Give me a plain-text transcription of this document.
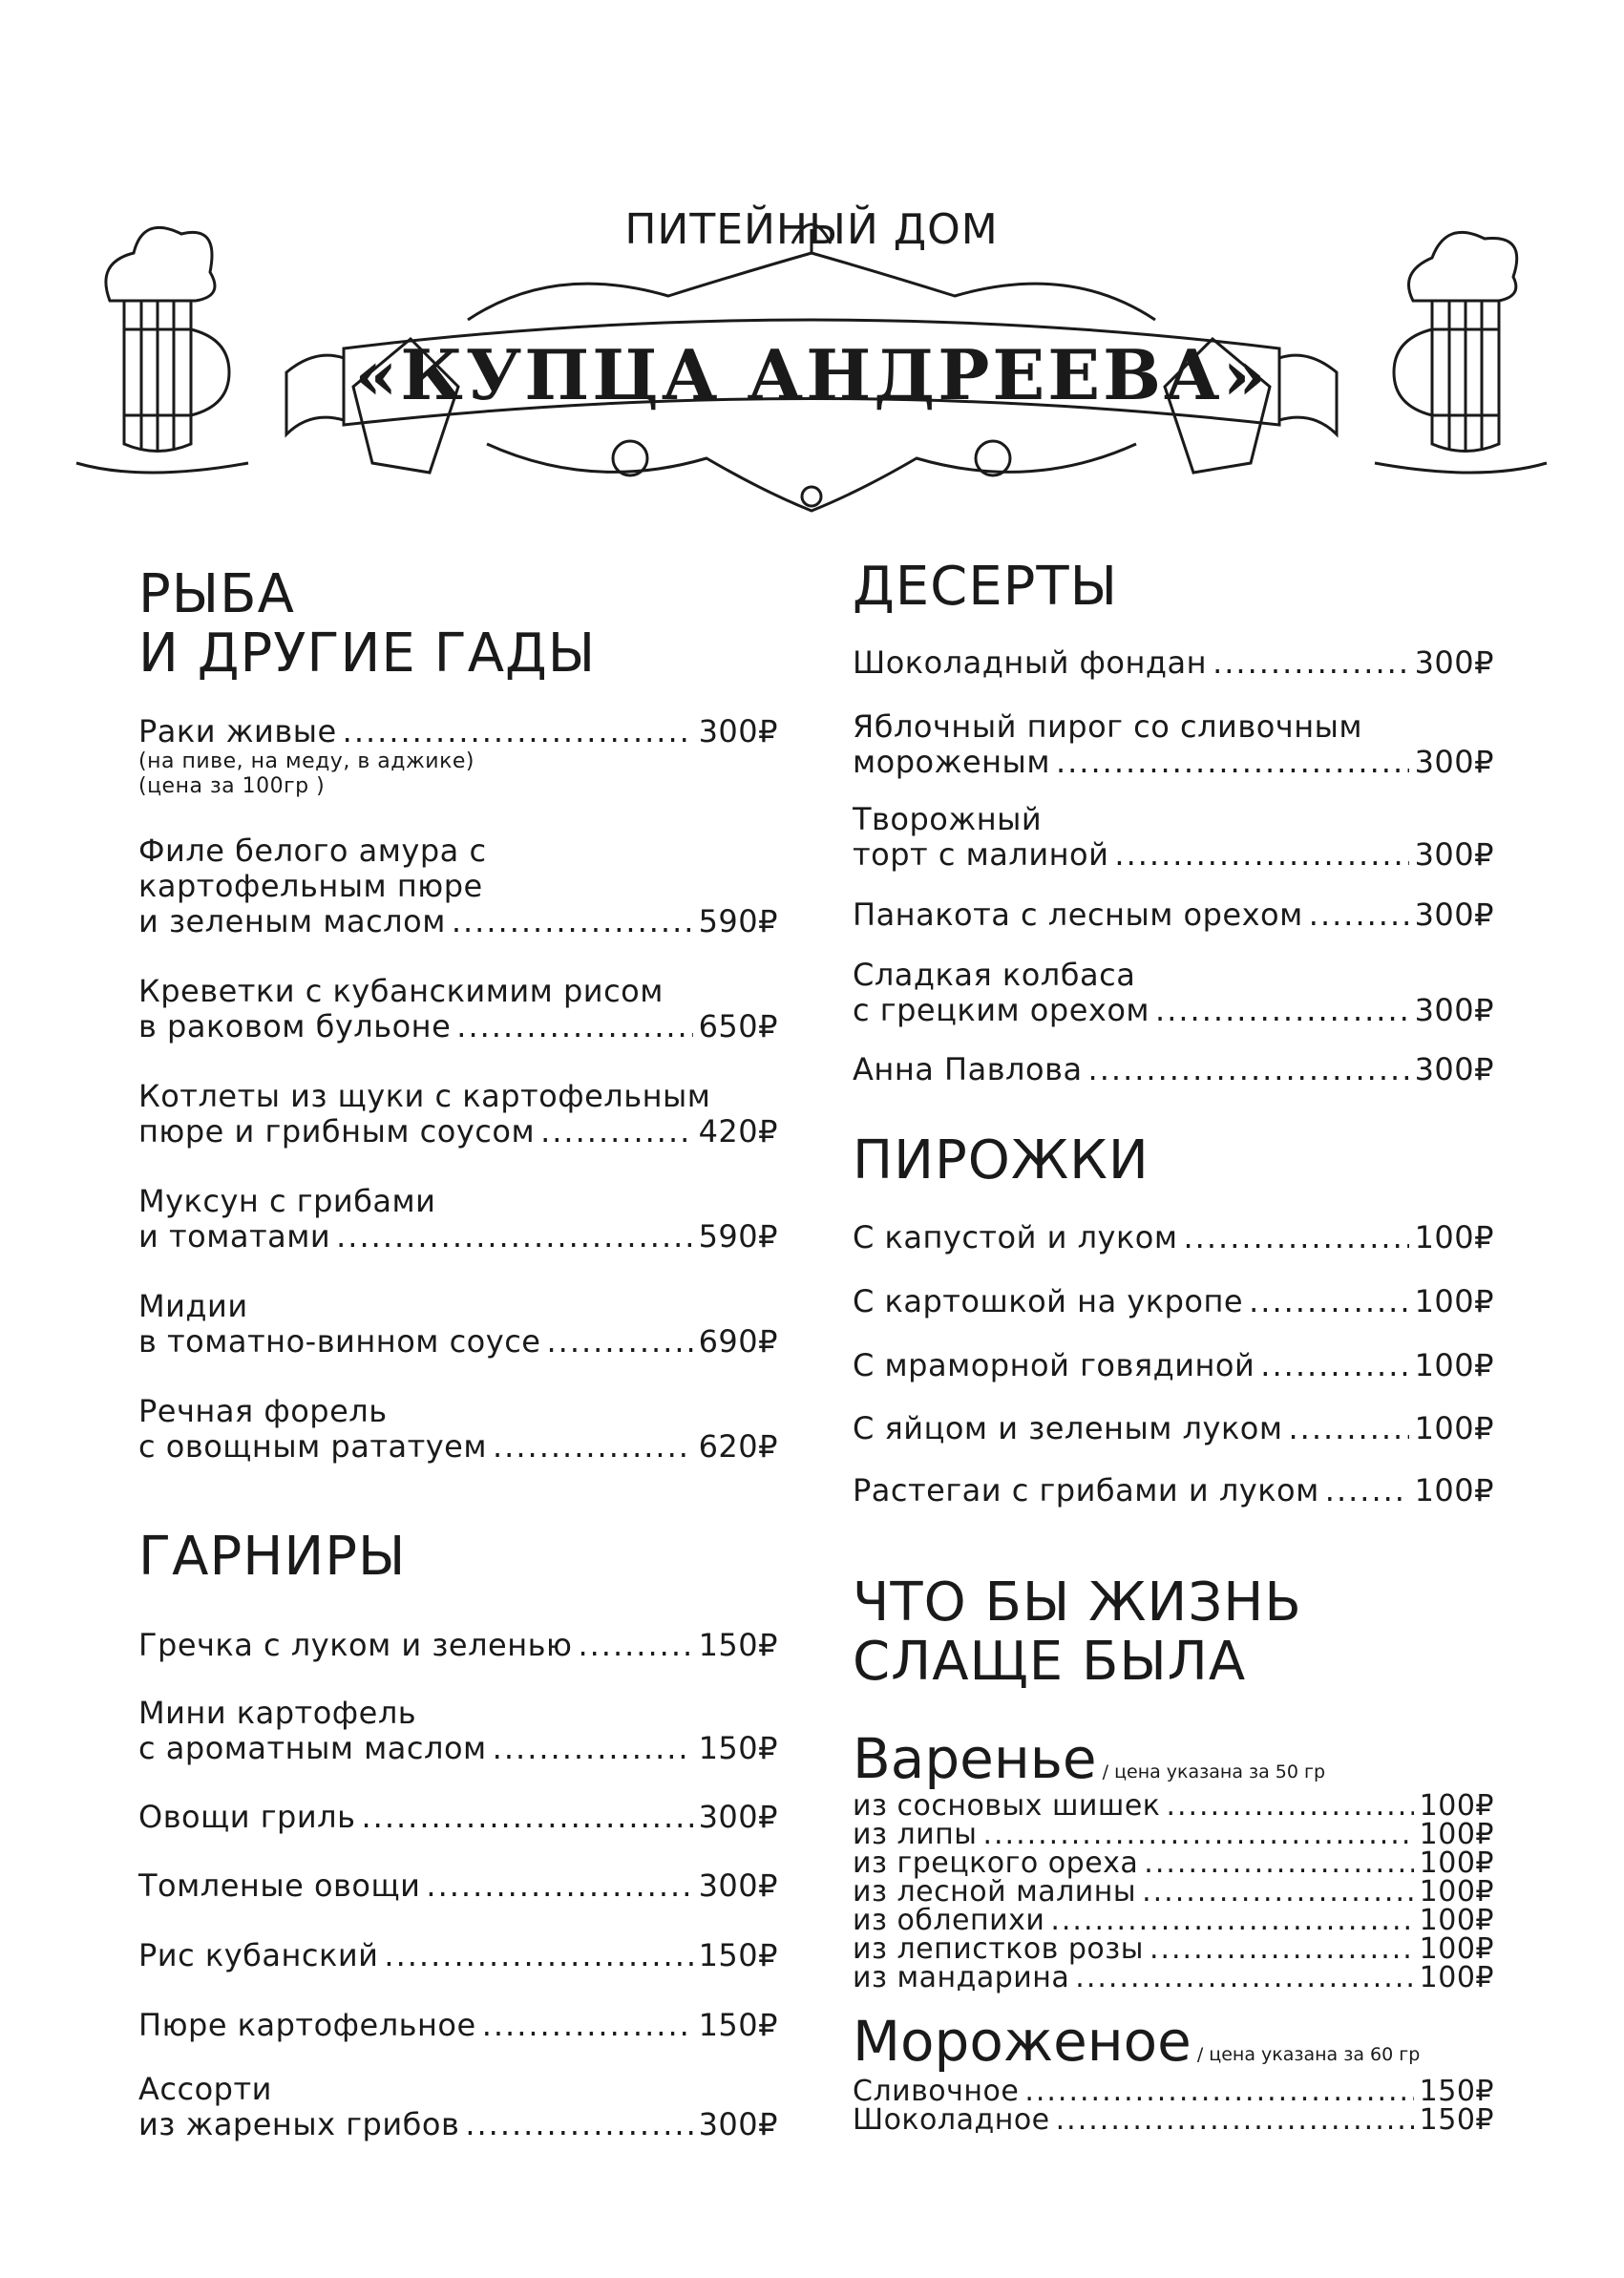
ПИТЕЙНЫЙ ДОМ
«КУПЦА АНДРЕЕВА»
РЫБА
И ДРУГИЕ ГАДЫ
Раки живые .....	300₽
(на пиве, на меду, в аджике)
(цена за 100гр )
Филе белого амура с
картофельным пюре
и зеленым маслом .....	590₽
Креветки с кубанскимим рисом
в раковом бульоне .....	650₽
Котлеты из щуки с картофельным
пюре и грибным соусом .....	420₽
Муксун с грибами
и томатами .....	590₽
Мидии
в томатно-винном соусе .....	690₽
Речная форель
с овощным рататуем .....	620₽
ГАРНИРЫ
Гречка с луком и зеленью .....	150₽
Мини картофель
с ароматным маслом .....	150₽
Овощи гриль .....	300₽
Томленые овощи .....	300₽
Рис кубанский .....	150₽
Пюре картофельное .....	150₽
Ассорти
из жареных грибов .....	300₽
ДЕСЕРТЫ
Шоколадный фондан .....	300₽
Яблочный пирог со сливочным
мороженым .....	300₽
Творожный
торт с малиной .....	300₽
Панакота с лесным орехом .....	300₽
Сладкая колбаса
с грецким орехом .....	300₽
Анна Павлова .....	300₽
ПИРОЖКИ
С капустой и луком .....	100₽
С картошкой на укропе .....	100₽
С мраморной говядиной .....	100₽
С яйцом и зеленым луком .....	100₽
Растегаи с грибами и луком .....	100₽
ЧТО БЫ ЖИЗНЬ
СЛАЩЕ БЫЛА
Варенье / цена указана за 50 гр
из сосновых шишек .....	100₽
из липы .....	100₽
из грецкого ореха .....	100₽
из лесной малины .....	100₽
из облепихи .....	100₽
из лепистков розы .....	100₽
из мандарина .....	100₽
Мороженое / цена указана за 60 гр
Сливочное .....	150₽
Шоколадное .....	150₽
